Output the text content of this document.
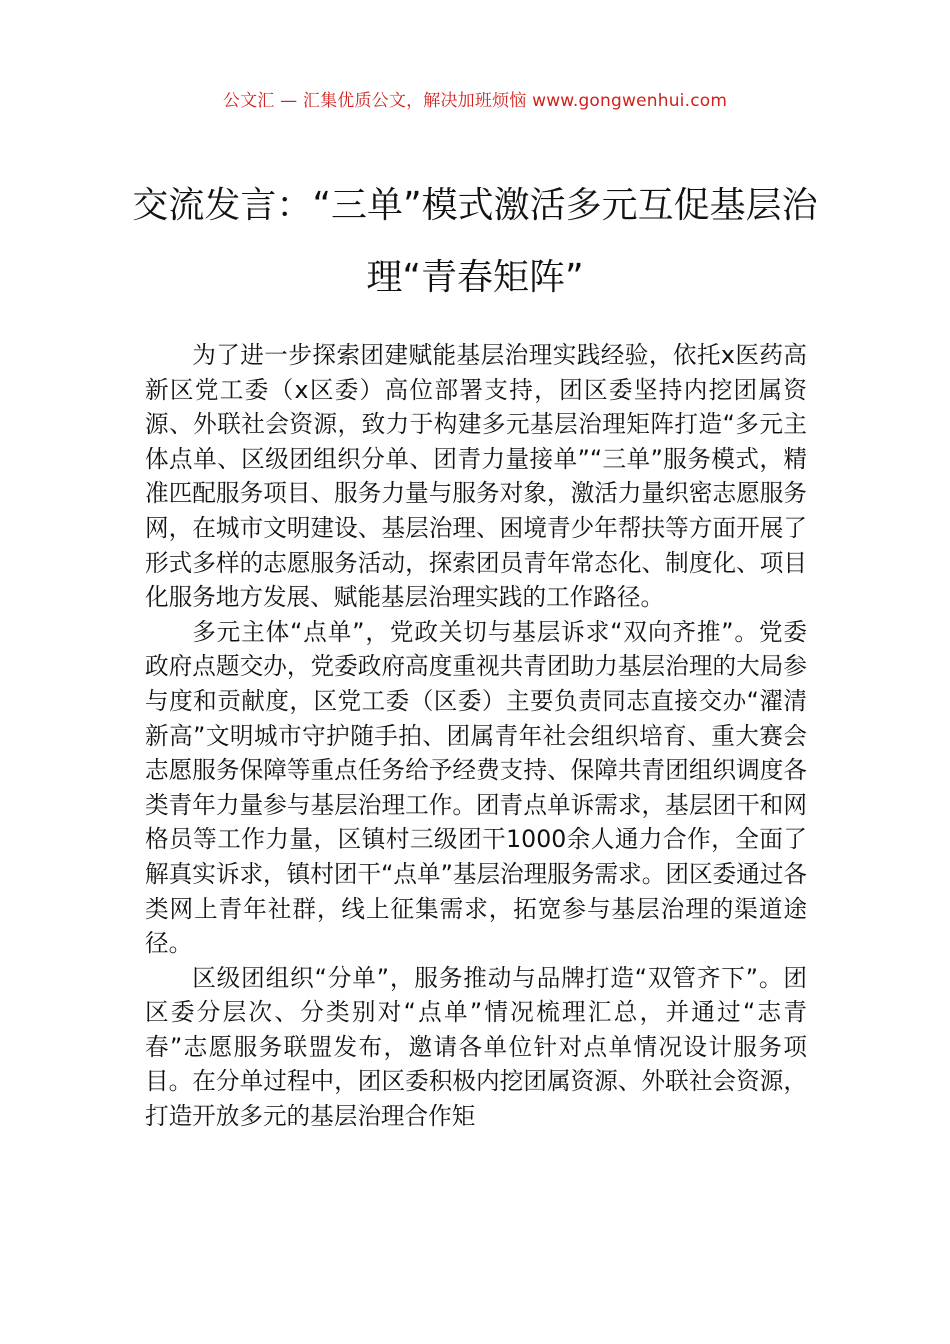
公文汇 — 汇集优质公文，解决加班烦恼 www.gongwenhui.com
交流发言：“三单”模式激活多元互促基层治理“青春矩阵”

为了进一步探索团建赋能基层治理实践经验，依托x医药高新区党工委（x区委）高位部署支持，团区委坚持内挖团属资源、外联社会资源，致力于构建多元基层治理矩阵打造“多元主体点单、区级团组织分单、团青力量接单”“三单”服务模式，精准匹配服务项目、服务力量与服务对象，激活力量织密志愿服务网，在城市文明建设、基层治理、困境青少年帮扶等方面开展了形式多样的志愿服务活动，探索团员青年常态化、制度化、项目化服务地方发展、赋能基层治理实践的工作路径。

多元主体“点单”，党政关切与基层诉求“双向齐推”。党委政府点题交办，党委政府高度重视共青团助力基层治理的大局参与度和贡献度，区党工委（区委）主要负责同志直接交办“濯清新高”文明城市守护随手拍、团属青年社会组织培育、重大赛会志愿服务保障等重点任务给予经费支持、保障共青团组织调度各类青年力量参与基层治理工作。团青点单诉需求，基层团干和网格员等工作力量，区镇村三级团干1000余人通力合作，全面了解真实诉求，镇村团干“点单”基层治理服务需求。团区委通过各类网上青年社群，线上征集需求，拓宽参与基层治理的渠道途径。

区级团组织“分单”，服务推动与品牌打造“双管齐下”。团区委分层次、分类别对“点单”情况梳理汇总，并通过“志青春”志愿服务联盟发布，邀请各单位针对点单情况设计服务项目。在分单过程中，团区委积极内挖团属资源、外联社会资源，打造开放多元的基层治理合作矩
